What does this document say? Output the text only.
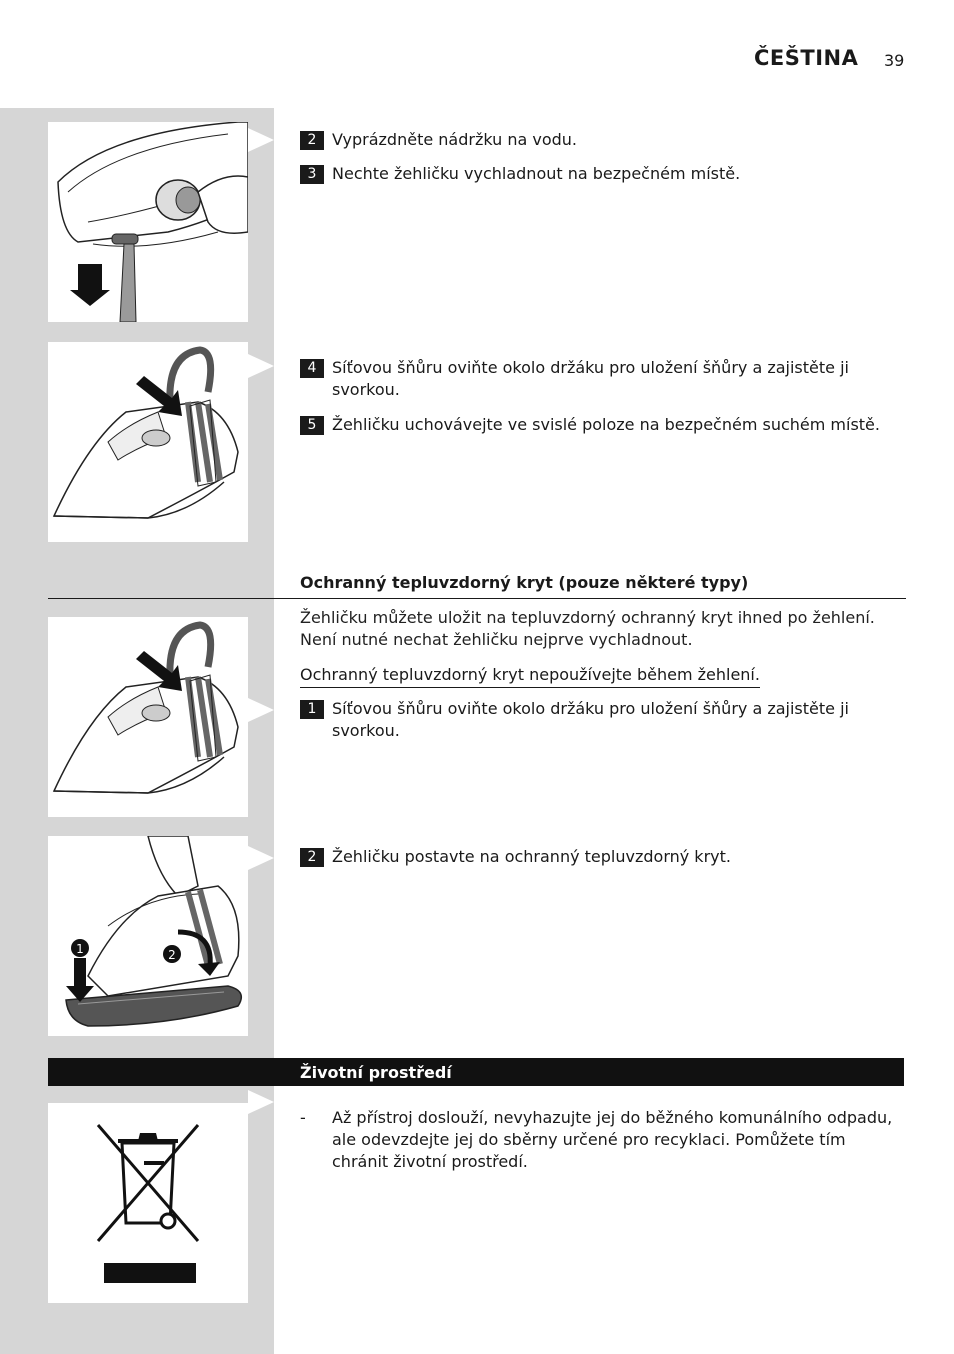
ČEŠTINA 39
1	2
2 Vyprázdněte nádržku na vodu.
3 Nechte žehličku vychladnout na bezpečném místě.
4 Síťovou šňůru oviňte okolo držáku pro uložení šňůry a zajistěte ji svorkou.
5 Žehličku uchovávejte ve svislé poloze na bezpečném suchém místě.
Ochranný tepluvzdorný kryt (pouze některé typy)
Žehličku můžete uložit na tepluvzdorný ochranný kryt ihned po žehlení. Není nutné nechat žehličku nejprve vychladnout.
Ochranný tepluvzdorný kryt nepoužívejte během žehlení.
1 Síťovou šňůru oviňte okolo držáku pro uložení šňůry a zajistěte ji svorkou.
2 Žehličku postavte na ochranný tepluvzdorný kryt.
Životní prostředí
- Až přístroj doslouží, nevyhazujte jej do běžného komunálního odpadu, ale odevzdejte jej do sběrny určené pro recyklaci. Pomůžete tím chránit životní prostředí.
